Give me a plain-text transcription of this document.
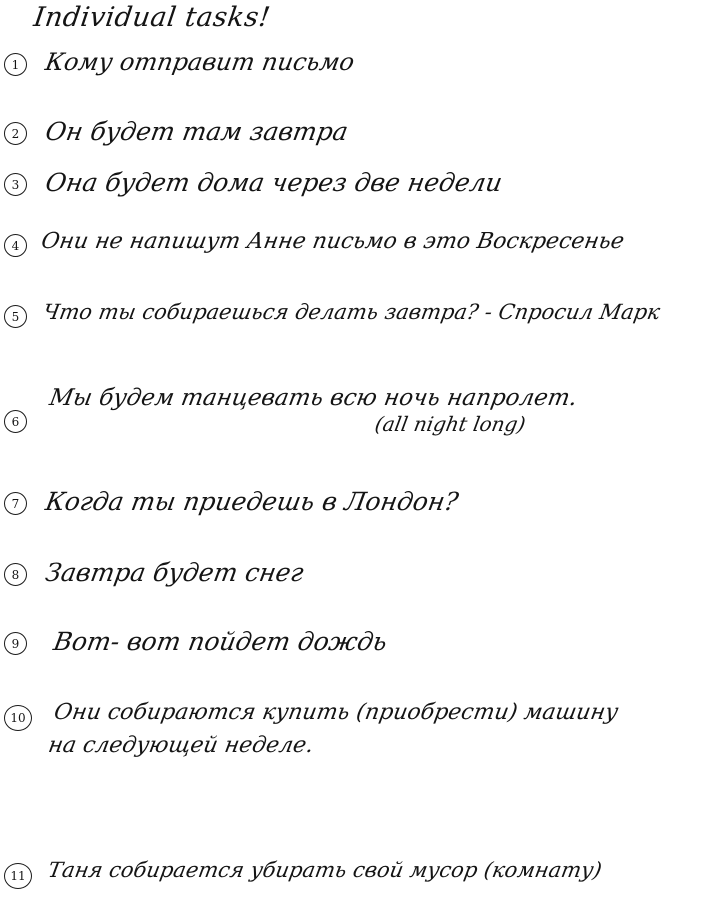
Individual tasks!
1 Кому отправит письмо
2 Он будет там завтра
3 Она будет дома через две недели
4 Они не напишут Анне письмо в это Воскресенье
5	Что ты собираешься делать завтра? - Спросил Марк
6
Мы будем танцевать всю ночь напролет.
(all night long)
7 Когда ты приедешь в Лондон?
8 Завтра будет снег
9	Вот- вот пойдет дождь
10 Они собираются купить (приобрести) машину
на следующей неделе.
11 Таня собирается убирать свой мусор (комнату)
